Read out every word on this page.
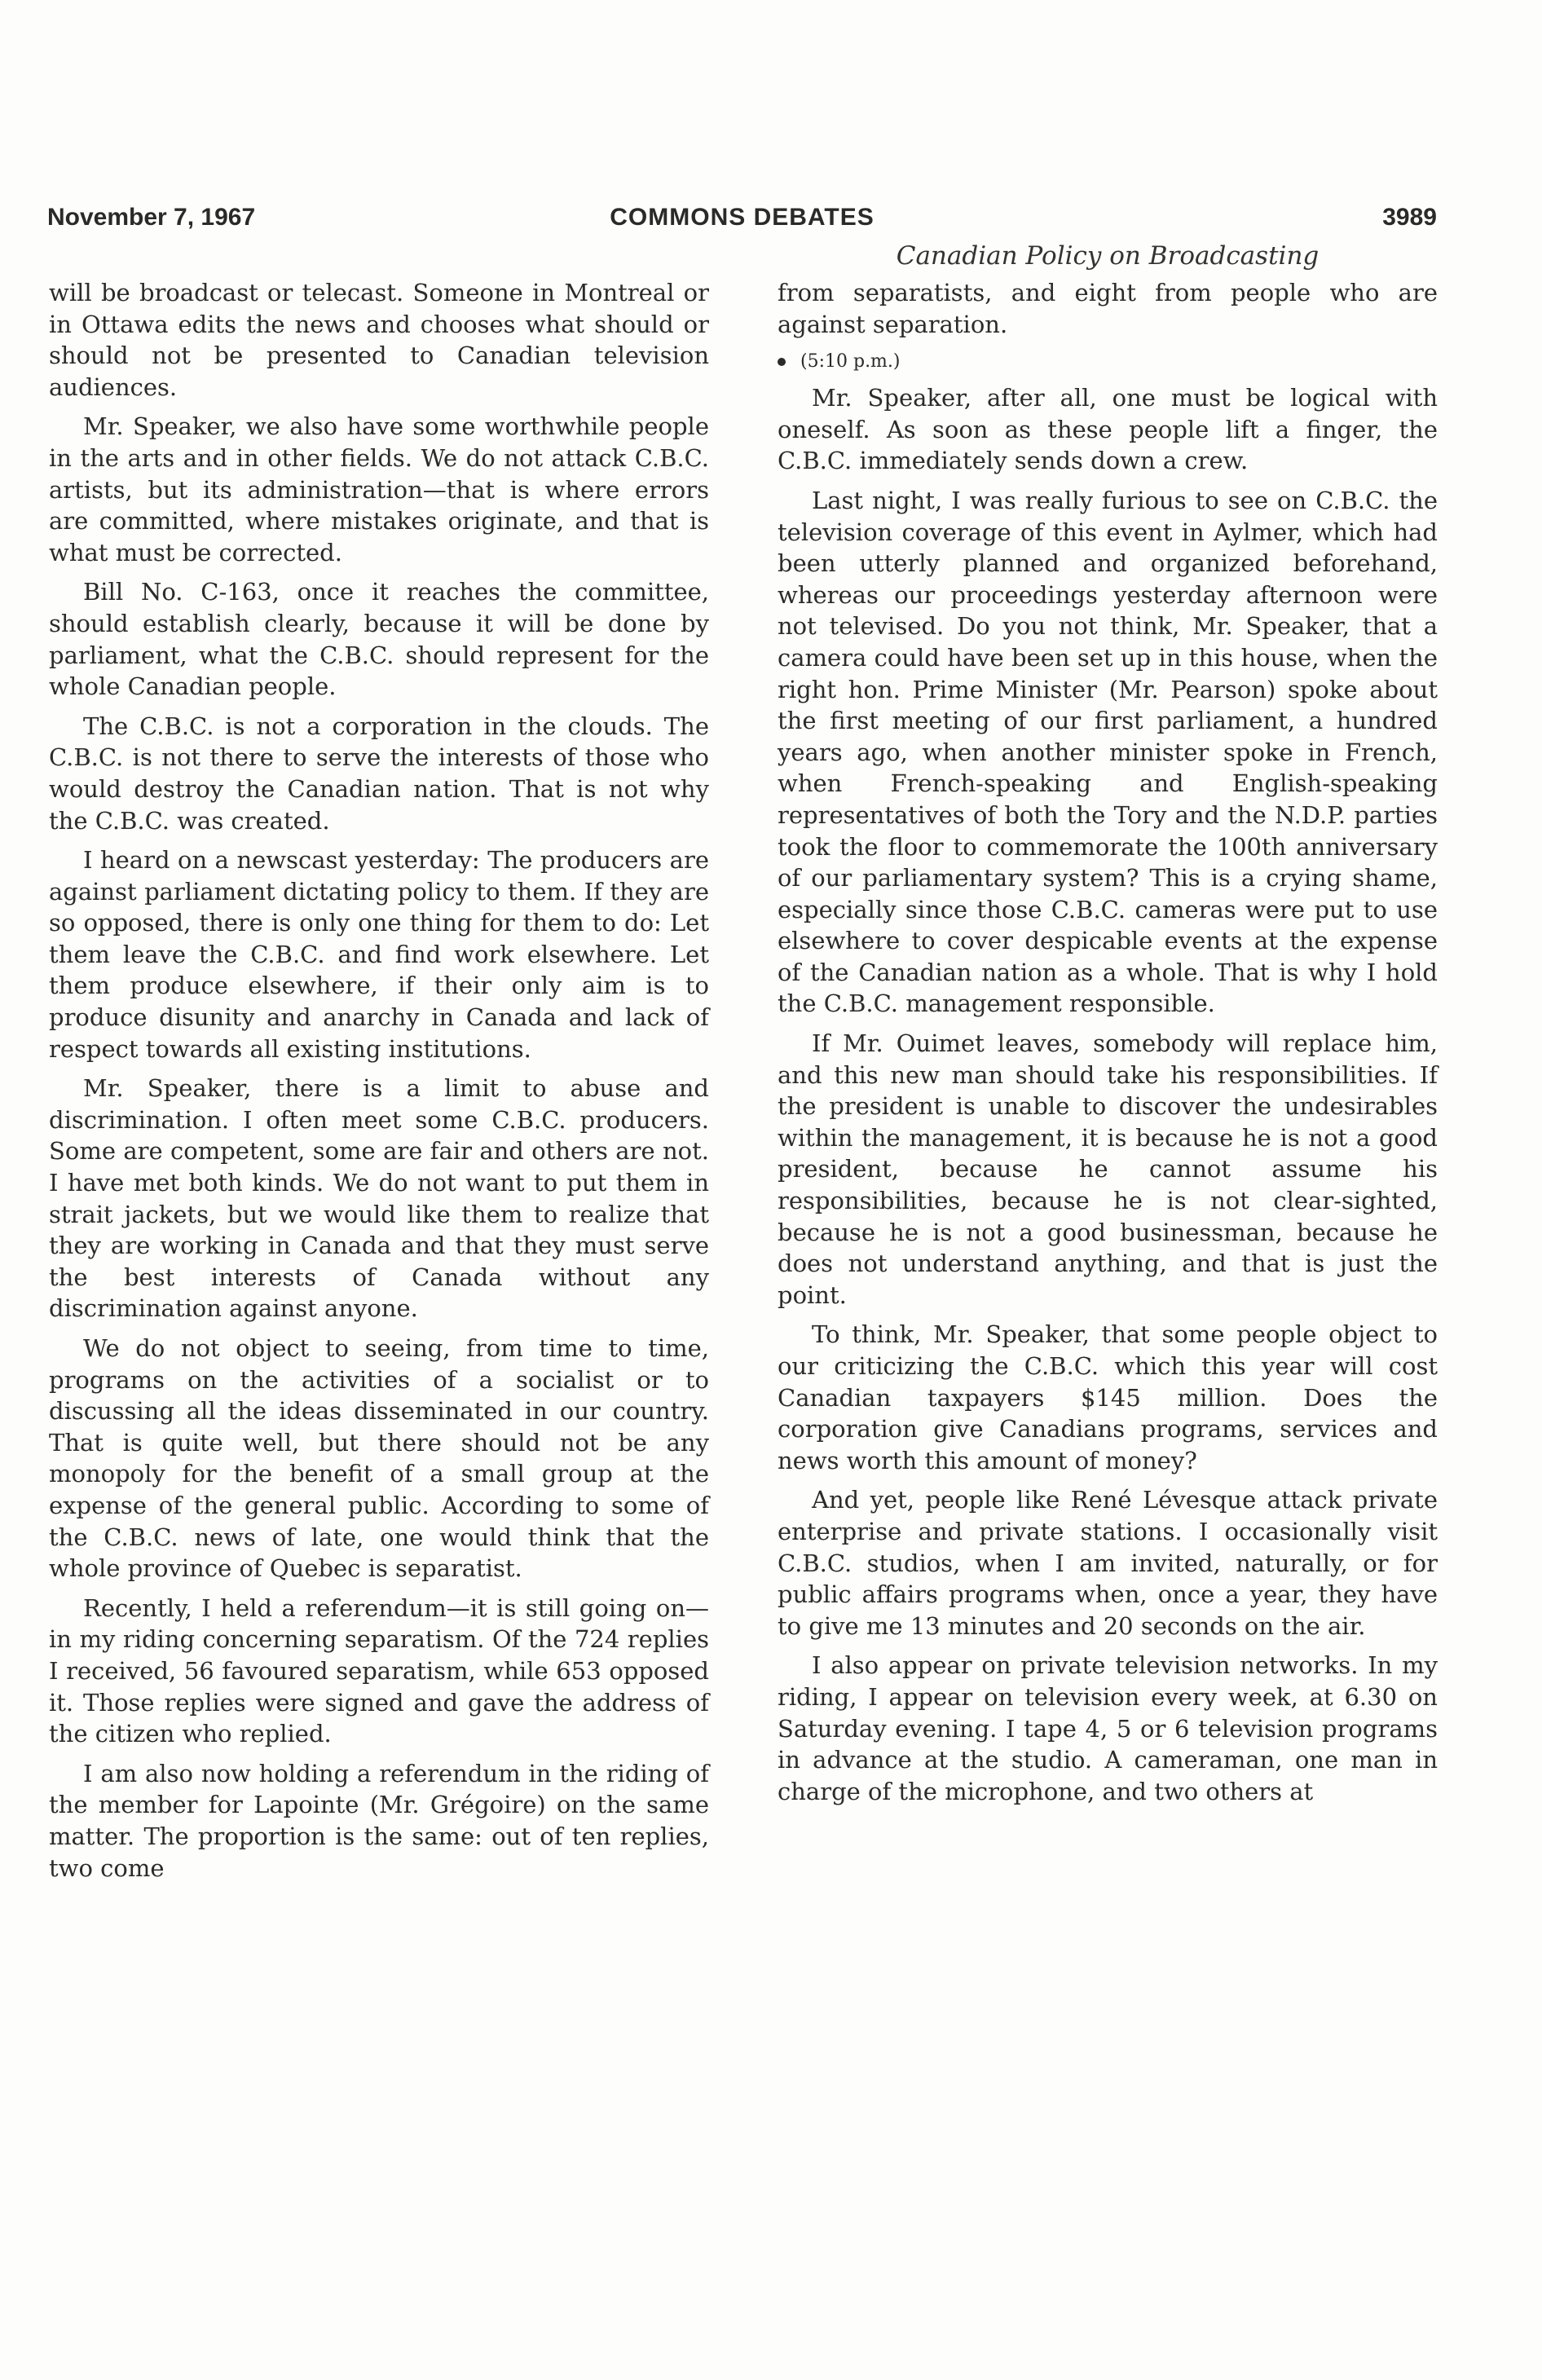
November 7, 1967	COMMONS DEBATES	3989
Canadian Policy on Broadcasting

will be broadcast or telecast. Someone in Montreal or in Ottawa edits the news and chooses what should or should not be presented to Canadian television audiences.

Mr. Speaker, we also have some worthwhile people in the arts and in other fields. We do not attack C.B.C. artists, but its administration—that is where errors are committed, where mistakes originate, and that is what must be corrected.

Bill No. C-163, once it reaches the committee, should establish clearly, because it will be done by parliament, what the C.B.C. should represent for the whole Canadian people.

The C.B.C. is not a corporation in the clouds. The C.B.C. is not there to serve the interests of those who would destroy the Canadian nation. That is not why the C.B.C. was created.

I heard on a newscast yesterday: The producers are against parliament dictating policy to them. If they are so opposed, there is only one thing for them to do: Let them leave the C.B.C. and find work elsewhere. Let them produce elsewhere, if their only aim is to produce disunity and anarchy in Canada and lack of respect towards all existing institutions.

Mr. Speaker, there is a limit to abuse and discrimination. I often meet some C.B.C. producers. Some are competent, some are fair and others are not. I have met both kinds. We do not want to put them in strait jackets, but we would like them to realize that they are working in Canada and that they must serve the best interests of Canada without any discrimination against anyone.

We do not object to seeing, from time to time, programs on the activities of a socialist or to discussing all the ideas disseminated in our country. That is quite well, but there should not be any monopoly for the benefit of a small group at the expense of the general public. According to some of the C.B.C. news of late, one would think that the whole province of Quebec is separatist.

Recently, I held a referendum—it is still going on—in my riding concerning separatism. Of the 724 replies I received, 56 favoured separatism, while 653 opposed it. Those replies were signed and gave the address of the citizen who replied.

I am also now holding a referendum in the riding of the member for Lapointe (Mr. Grégoire) on the same matter. The proportion is the same: out of ten replies, two come

from separatists, and eight from people who are against separation.

(5:10 p.m.)

Mr. Speaker, after all, one must be logical with oneself. As soon as these people lift a finger, the C.B.C. immediately sends down a crew.

Last night, I was really furious to see on C.B.C. the television coverage of this event in Aylmer, which had been utterly planned and organized beforehand, whereas our proceedings yesterday afternoon were not televised. Do you not think, Mr. Speaker, that a camera could have been set up in this house, when the right hon. Prime Minister (Mr. Pearson) spoke about the first meeting of our first parliament, a hundred years ago, when another minister spoke in French, when French-speaking and English-speaking representatives of both the Tory and the N.D.P. parties took the floor to commemorate the 100th anniversary of our parliamentary system? This is a crying shame, especially since those C.B.C. cameras were put to use elsewhere to cover despicable events at the expense of the Canadian nation as a whole. That is why I hold the C.B.C. management responsible.

If Mr. Ouimet leaves, somebody will replace him, and this new man should take his responsibilities. If the president is unable to discover the undesirables within the management, it is because he is not a good president, because he cannot assume his responsibilities, because he is not clear-sighted, because he is not a good businessman, because he does not understand anything, and that is just the point.

To think, Mr. Speaker, that some people object to our criticizing the C.B.C. which this year will cost Canadian taxpayers $145 million. Does the corporation give Canadians programs, services and news worth this amount of money?

And yet, people like René Lévesque attack private enterprise and private stations. I occasionally visit C.B.C. studios, when I am invited, naturally, or for public affairs programs when, once a year, they have to give me 13 minutes and 20 seconds on the air.

I also appear on private television networks. In my riding, I appear on television every week, at 6.30 on Saturday evening. I tape 4, 5 or 6 television programs in advance at the studio. A cameraman, one man in charge of the microphone, and two others at
